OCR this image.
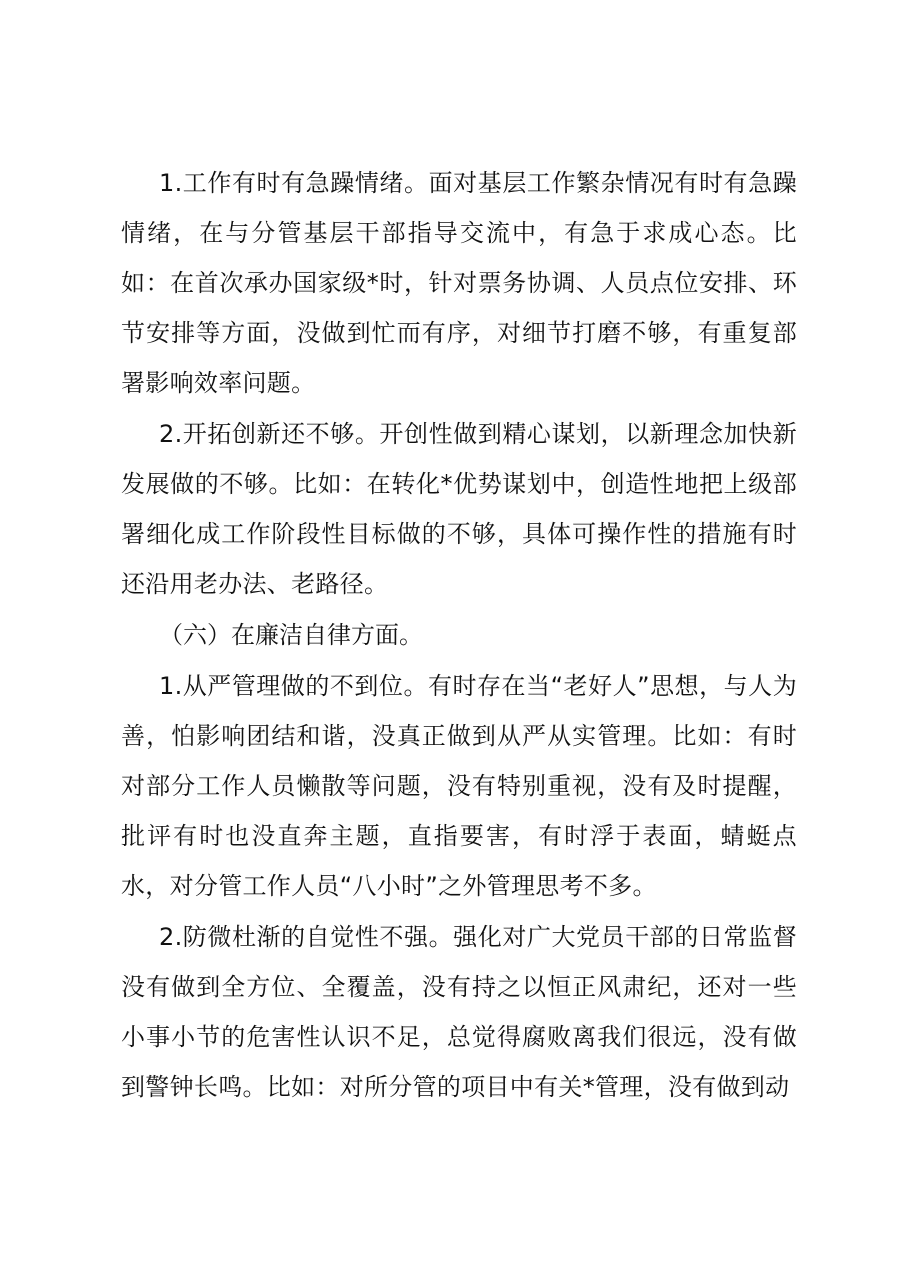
1.工作有时有急躁情绪。面对基层工作繁杂情况有时有急躁情绪，在与分管基层干部指导交流中，有急于求成心态。比如：在首次承办国家级*时，针对票务协调、人员点位安排、环节安排等方面，没做到忙而有序，对细节打磨不够，有重复部署影响效率问题。

2.开拓创新还不够。开创性做到精心谋划，以新理念加快新发展做的不够。比如：在转化*优势谋划中，创造性地把上级部署细化成工作阶段性目标做的不够，具体可操作性的措施有时还沿用老办法、老路径。

（六）在廉洁自律方面。

1.从严管理做的不到位。有时存在当“老好人”思想，与人为善，怕影响团结和谐，没真正做到从严从实管理。比如：有时对部分工作人员懒散等问题，没有特别重视，没有及时提醒，批评有时也没直奔主题，直指要害，有时浮于表面，蜻蜓点水，对分管工作人员“八小时”之外管理思考不多。

2.防微杜渐的自觉性不强。强化对广大党员干部的日常监督没有做到全方位、全覆盖，没有持之以恒正风肃纪，还对一些小事小节的危害性认识不足，总觉得腐败离我们很远，没有做到警钟长鸣。比如：对所分管的项目中有关*管理，没有做到动
